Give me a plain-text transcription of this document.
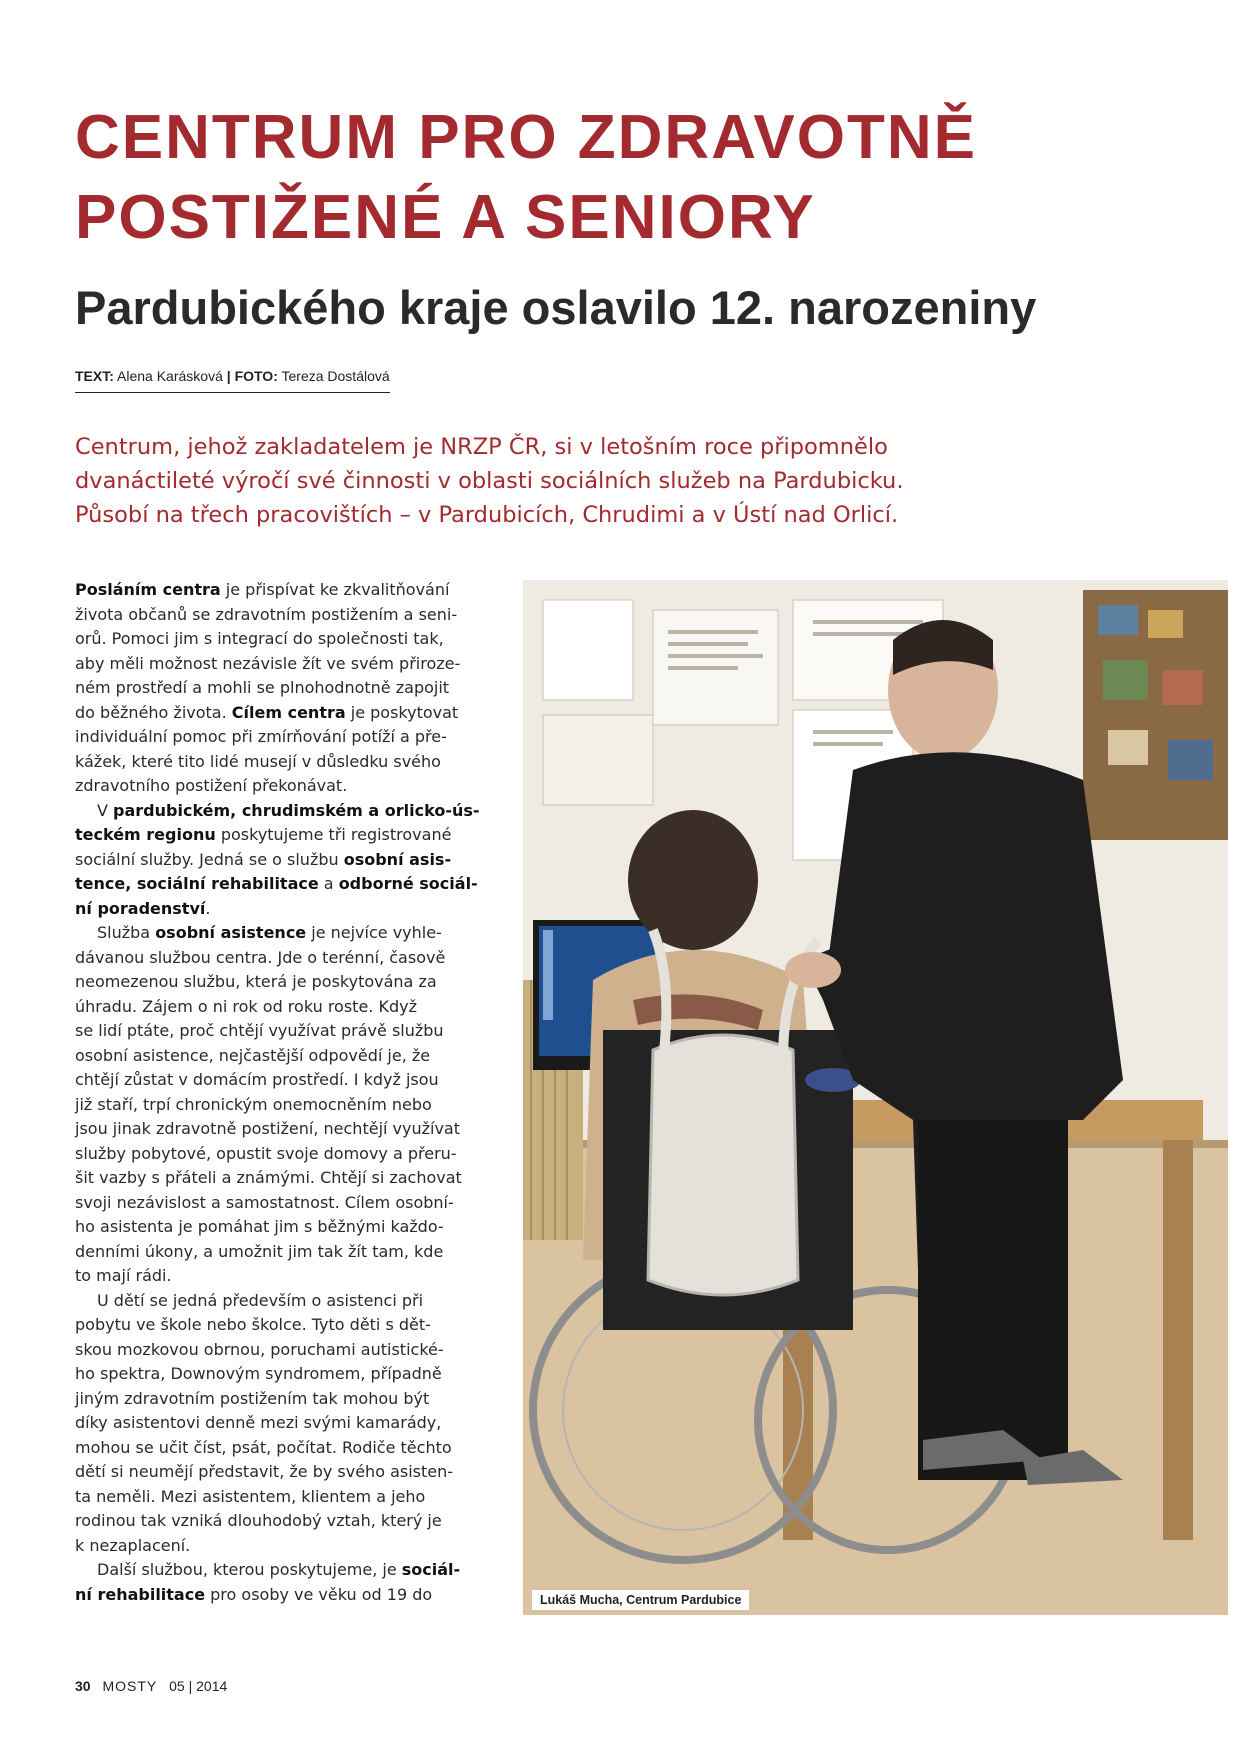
CENTRUM PRO ZDRAVOTNĚ
POSTIŽENÉ A SENIORY
Pardubického kraje oslavilo 12. narozeniny
TEXT: Alena Karásková | FOTO: Tereza Dostálová

Centrum, jehož zakladatelem je NRZP ČR, si v letošním roce připomnělo
dvanáctileté výročí své činnosti v oblasti sociálních služeb na Pardubicku.
Působí na třech pracovištích – v Pardubicích, Chrudimi a v Ústí nad Orlicí.

Posláním centra je přispívat ke zkvalitňování
života občanů se zdravotním postižením a seni-
orů. Pomoci jim s integrací do společnosti tak,
aby měli možnost nezávisle žít ve svém přiroze-
ném prostředí a mohli se plnohodnotně zapojit
do běžného života. Cílem centra je poskytovat
individuální pomoc při zmírňování potíží a pře-
kážek, které tito lidé musejí v důsledku svého
zdravotního postižení překonávat.
V pardubickém, chrudimském a orlicko-ús-
teckém regionu poskytujeme tři registrované
sociální služby. Jedná se o službu osobní asis-
tence, sociální rehabilitace a odborné sociál-
ní poradenství.
Služba osobní asistence je nejvíce vyhle-
dávanou službou centra. Jde o terénní, časově
neomezenou službu, která je poskytována za
úhradu. Zájem o ni rok od roku roste. Když
se lidí ptáte, proč chtějí využívat právě službu
osobní asistence, nejčastější odpovědí je, že
chtějí zůstat v domácím prostředí. I když jsou
již staří, trpí chronickým onemocněním nebo
jsou jinak zdravotně postižení, nechtějí využívat
služby pobytové, opustit svoje domovy a přeru-
šit vazby s přáteli a známými. Chtějí si zachovat
svoji nezávislost a samostatnost. Cílem osobní-
ho asistenta je pomáhat jim s běžnými každo-
denními úkony, a umožnit jim tak žít tam, kde
to mají rádi.
U dětí se jedná především o asistenci při
pobytu ve škole nebo školce. Tyto děti s dět-
skou mozkovou obrnou, poruchami autistické-
ho spektra, Downovým syndromem, případně
jiným zdravotním postižením tak mohou být
díky asistentovi denně mezi svými kamarády,
mohou se učit číst, psát, počítat. Rodiče těchto
dětí si neumějí představit, že by svého asisten-
ta neměli. Mezi asistentem, klientem a jeho
rodinou tak vzniká dlouhodobý vztah, který je
k nezaplacení.
Další službou, kterou poskytujeme, je sociál-
ní rehabilitace pro osoby ve věku od 19 do	Lukáš Mucha, Centrum Pardubice
30 MOSTY 05 | 2014
